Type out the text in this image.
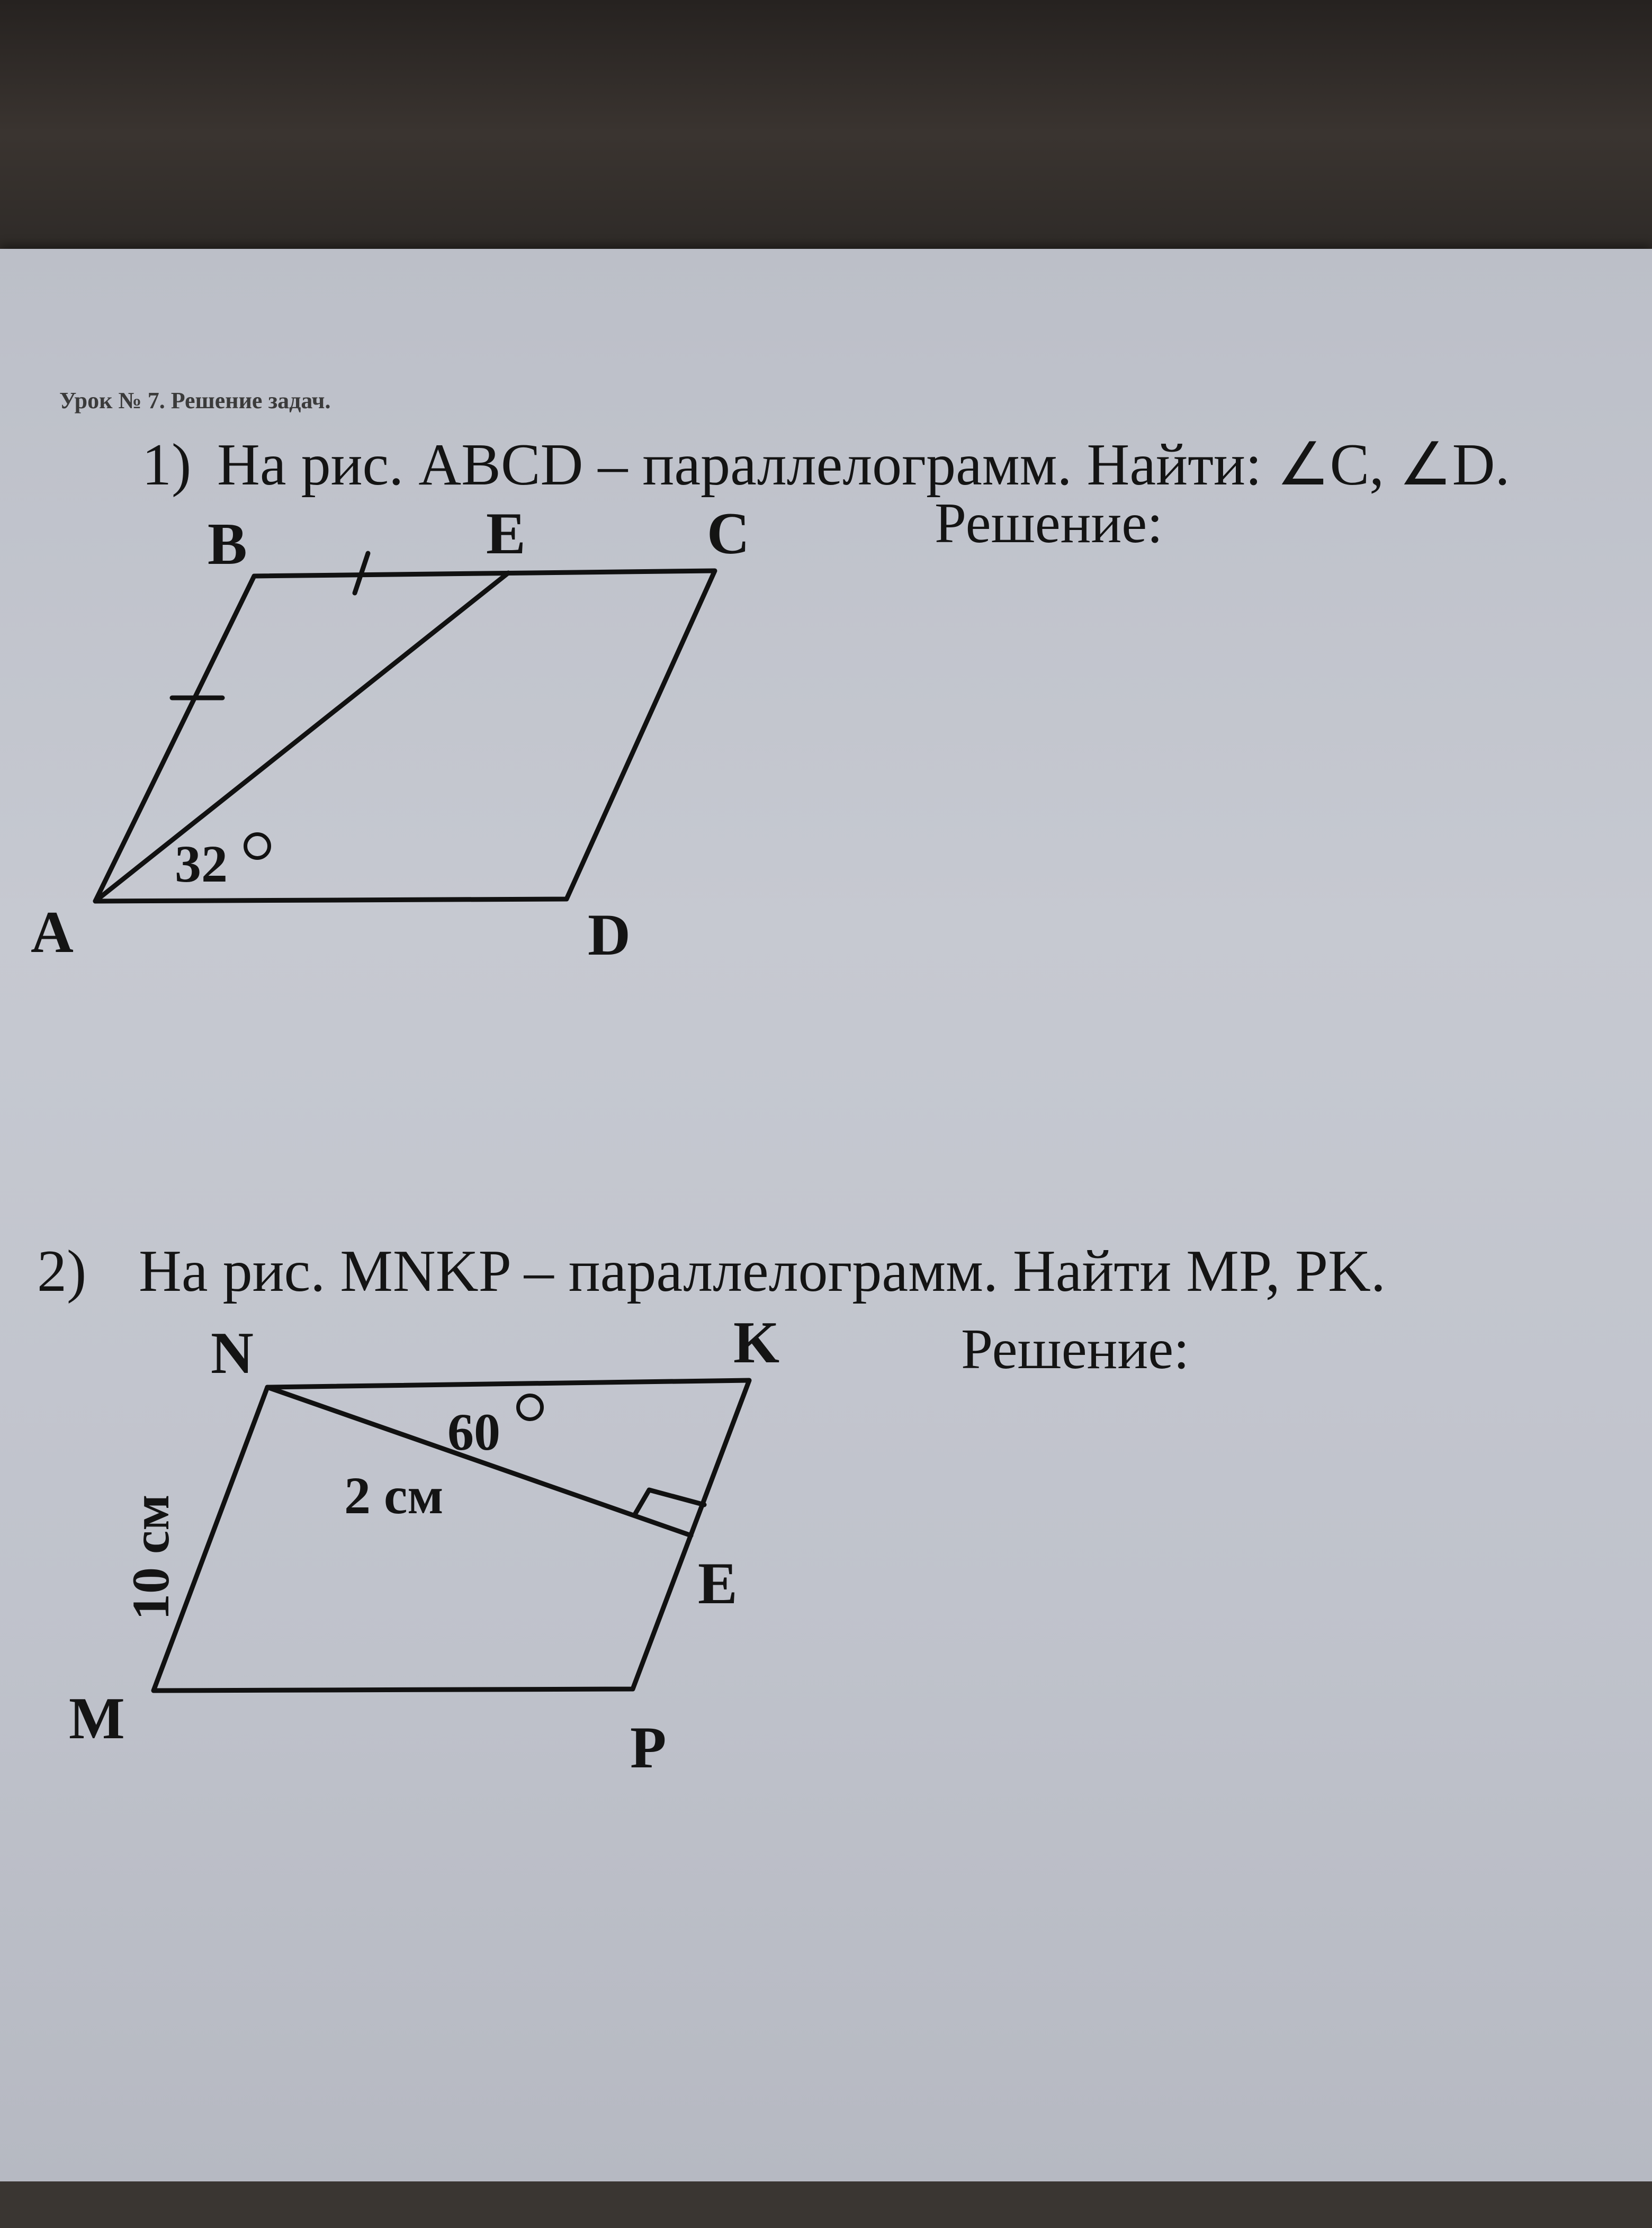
Урок № 7. Решение задач.
1) На рис. ABCD – параллелограмм. Найти: ∠C, ∠D.
Решение:
2) На рис. MNKP – параллелограмм. Найти MP, PK.
Решение:
B	E	C
A	D
32
N	K
M	P
E
60
2 см
10 см
